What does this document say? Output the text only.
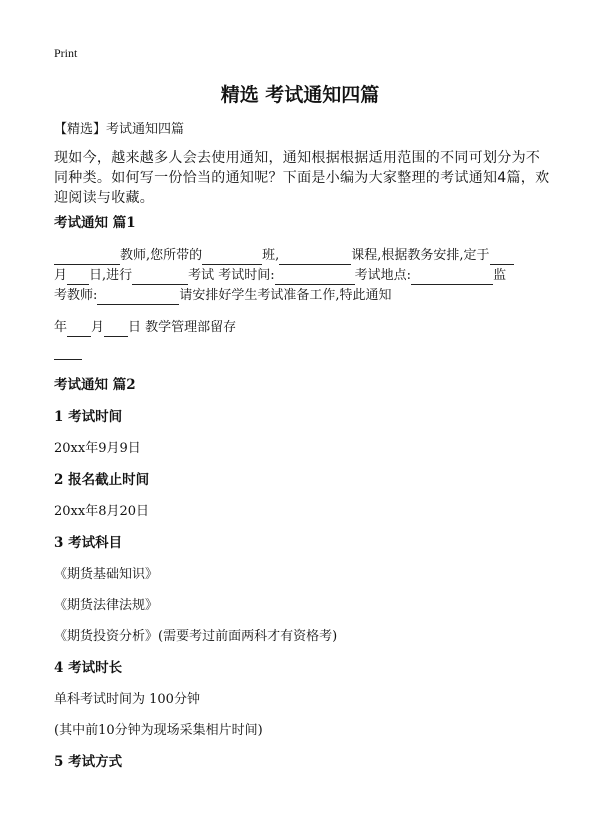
Print
精选 考试通知四篇
【精选】考试通知四篇
现如今，越来越多人会去使用通知，通知根据根据适用范围的不同可划分为不同种类。如何写一份恰当的通知呢？下面是小编为大家整理的考试通知4篇，欢迎阅读与收藏。
考试通知 篇1
教师,您所带的	班,	课程,根据教务安排,定于
月 日,进行	考试 考试时间:	考试地点:	监
考教师:	请安排好学生考试准备工作,特此通知
年 月 日 教学管理部留存
考试通知 篇2
1 考试时间
20xx年9月9日
2 报名截止时间
20xx年8月20日
3 考试科目
《期货基础知识》
《期货法律法规》
《期货投资分析》(需要考过前面两科才有资格考)
4 考试时长
单科考试时间为 100分钟
(其中前10分钟为现场采集相片时间)
5 考试方式
